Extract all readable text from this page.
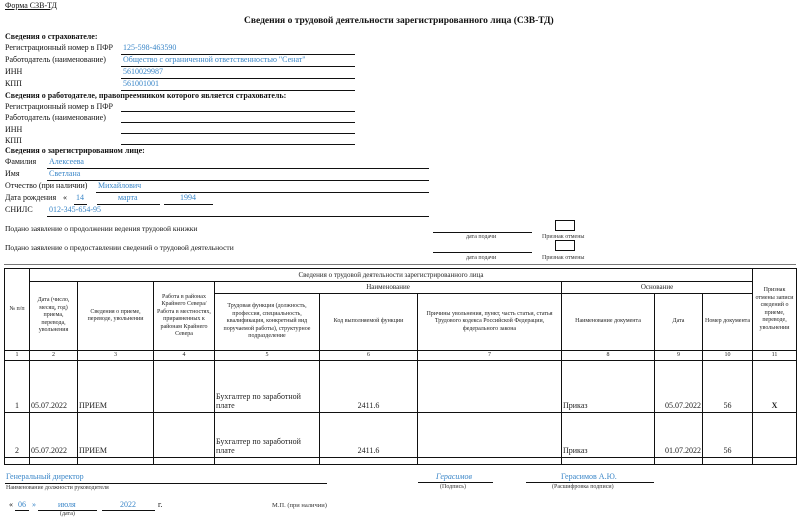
Форма СЗВ-ТД
Сведения о трудовой деятельности зарегистрированного лица (СЗВ-ТД)
Сведения о страхователе:
Регистрационный номер в ПФР 125-598-463590
Работодатель (наименование) Общество с ограниченной ответственностью "Сенат"
ИНН	5610029987
КПП	561001001
Сведения о работодателе, правопреемником которого является страхователь:
Регистрационный номер в ПФР
Работодатель (наименование)
ИНН
КПП
Сведения о зарегистрированном лице:
Фамилия Алексеева
Имя	Светлана
Отчество (при наличии) Михайлович
Дата рождения « 14	марта	1994
СНИЛС 012-345-654-95
Подано заявление о продолжении ведения трудовой книжки
дата подачи	Признак отмены
Подано заявление о предоставлении сведений о трудовой деятельности
дата подачи	Признак отмены
№ п/п	Сведения о трудовой деятельности зарегистрированного лица									Признак отмены записи сведений о приеме, переводе, увольнении
	Дата (число, месяц, год) приема, перевода, увольнения	Сведения о приеме, переводе, увольнении	Работа в районах Крайнего Севера/Работа в местностях, приравненных к районам Крайнего Севера	Наименование			Основание			
				Трудовая функция (должность, профессия, специальность, квалификация, конкретный вид поручаемой работы), структурное подразделение	Код выполняемой функции	Причины увольнения, пункт, часть статьи, статья Трудового кодекса Российской Федерации, федерального закона	Наименование документа	Дата	Номер документа	
1	2	3	4	5	6	7	8	9	10	11
1	05.07.2022	ПРИЕМ		Бухгалтер по заработной плате	2411.6		Приказ	05.07.2022	56	X
2	05.07.2022	ПРИЕМ		Бухгалтер по заработной плате	2411.6		Приказ	01.07.2022	56	

Генеральный директор
Наименование должности руководителя
Герасимов
(Подпись)
Герасимов А.Ю.
(Расшифровка подписи)
« 06 »	июля
(дата)
2022	г.	М.П. (при наличии)
